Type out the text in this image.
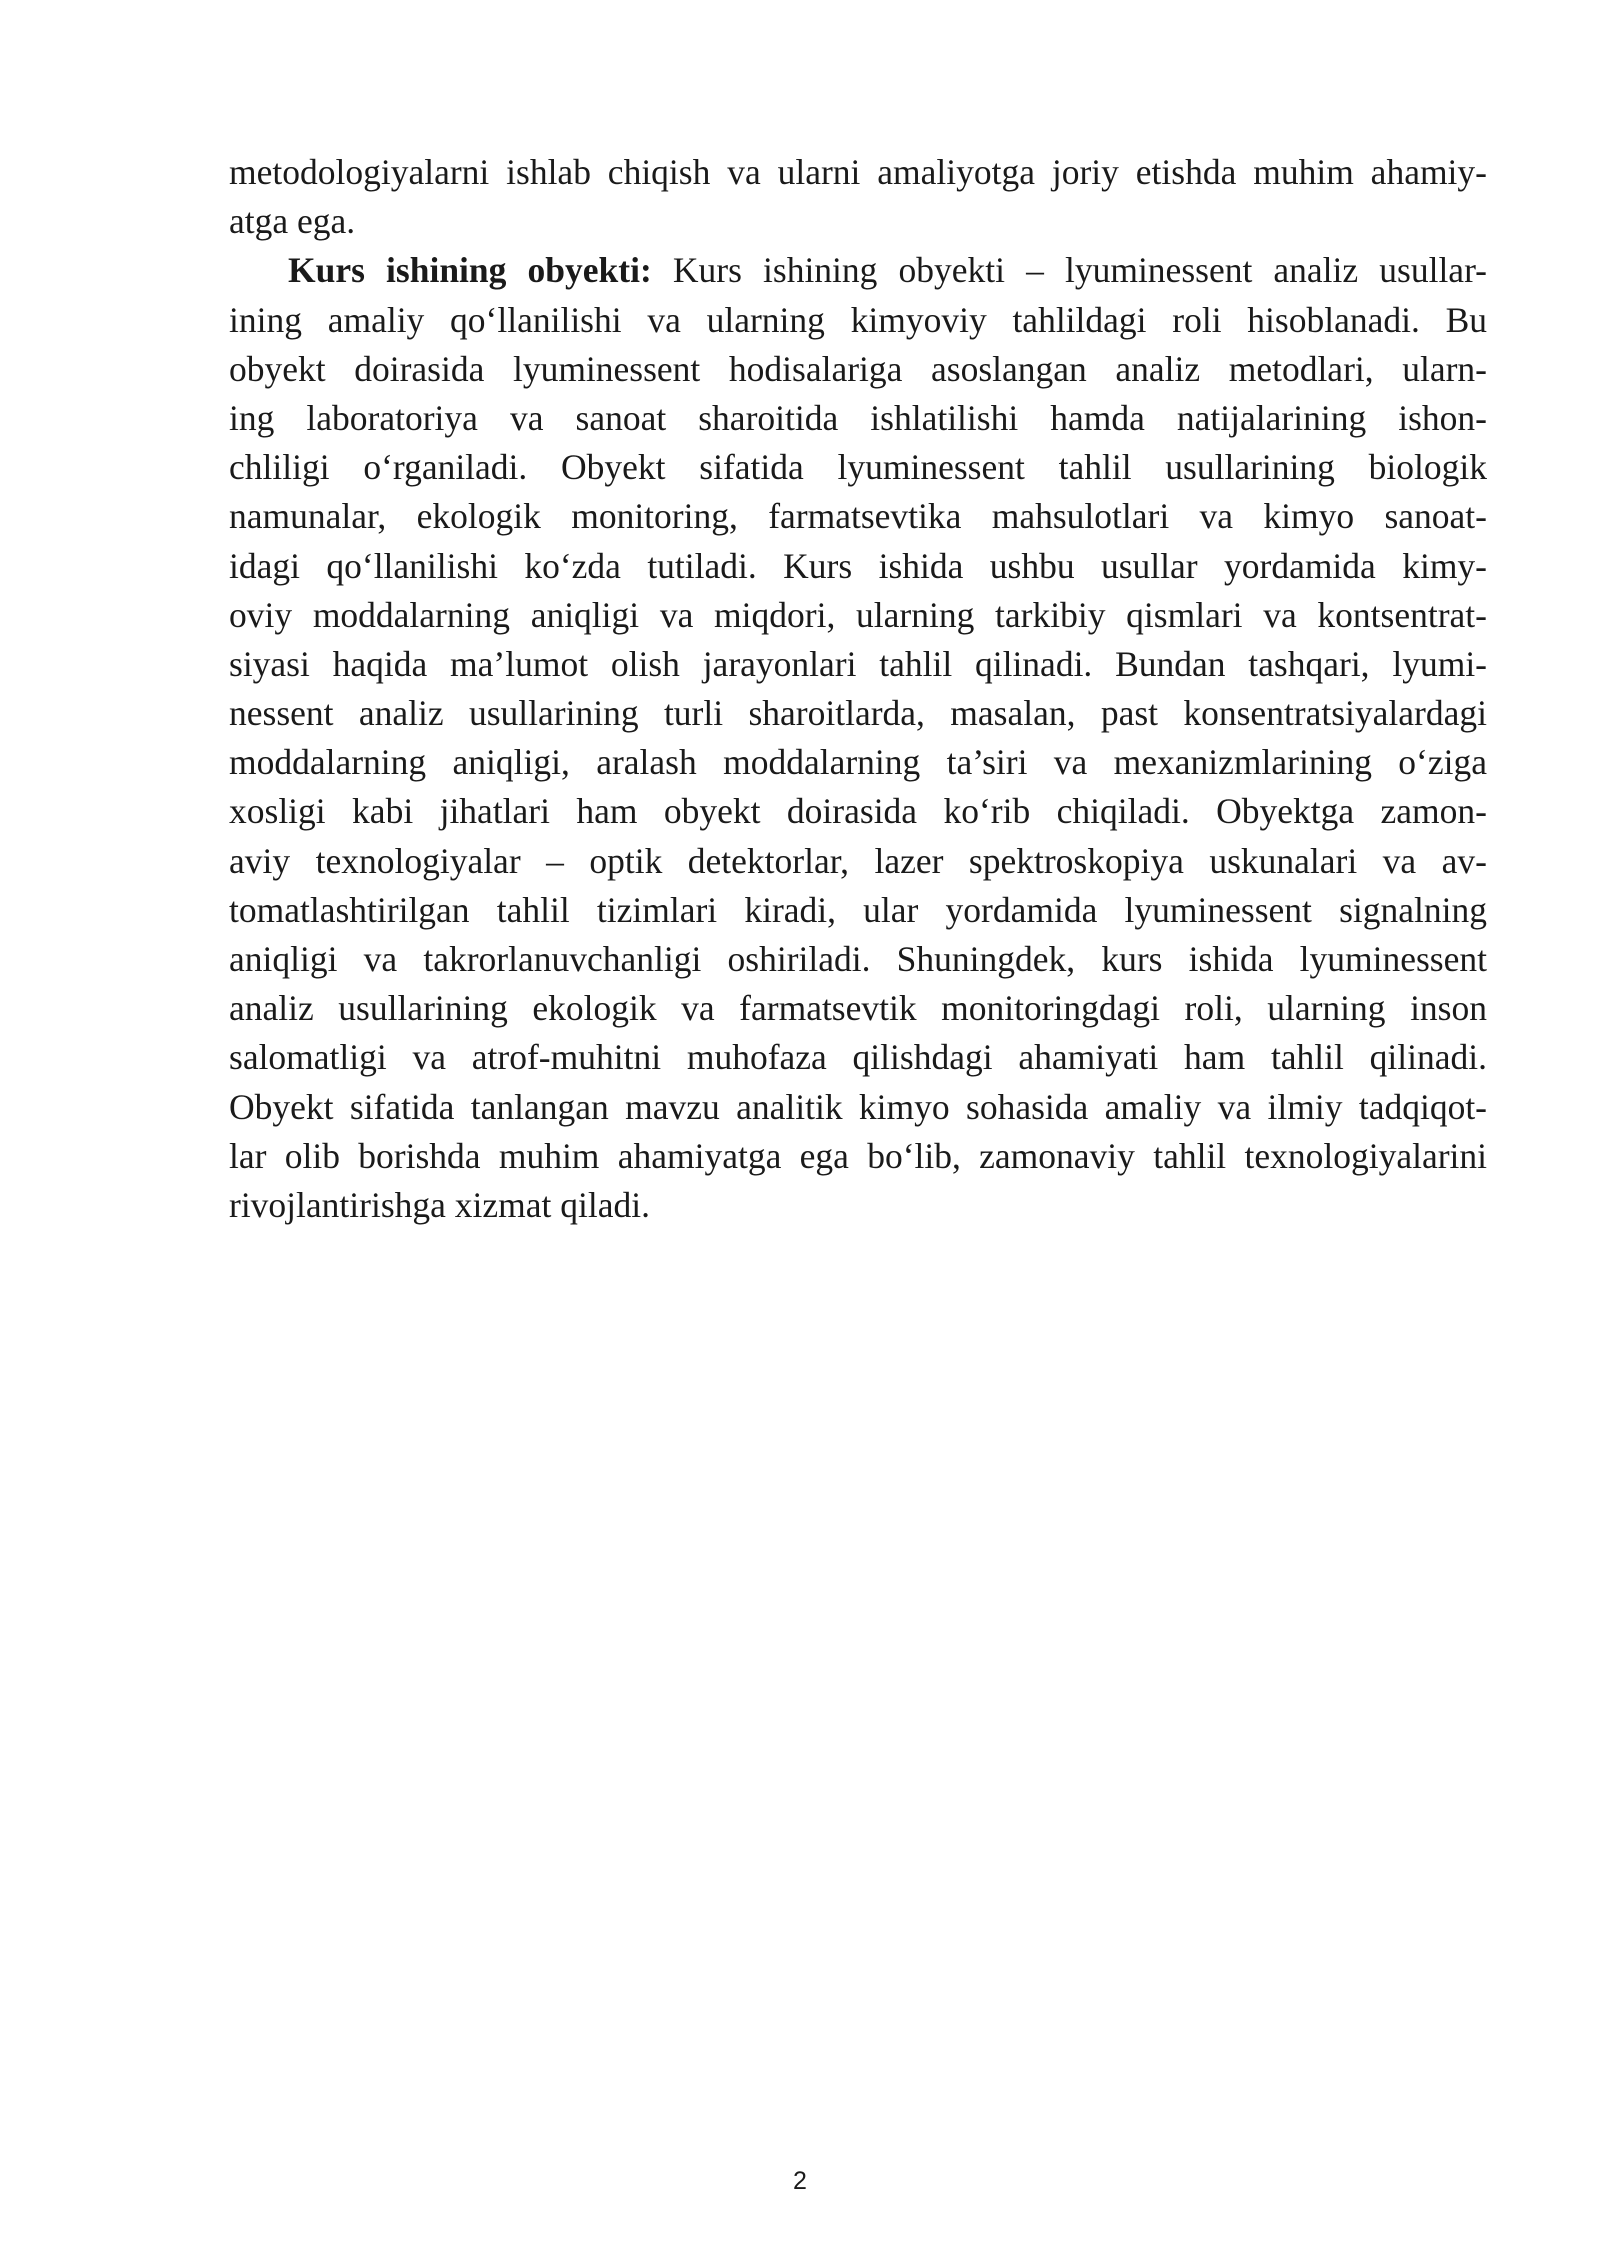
metodologiyalarni ishlab chiqish va ularni amaliyotga joriy etishda muhim ahamiy-
atga ega.
Kurs ishining obyekti: Kurs ishining obyekti – lyuminessent analiz usullar-
ining amaliy qo‘llanilishi va ularning kimyoviy tahlildagi roli hisoblanadi. Bu
obyekt doirasida lyuminessent hodisalariga asoslangan analiz metodlari, ularn-
ing laboratoriya va sanoat sharoitida ishlatilishi hamda natijalarining ishon-
chliligi o‘rganiladi. Obyekt sifatida lyuminessent tahlil usullarining biologik
namunalar, ekologik monitoring, farmatsevtika mahsulotlari va kimyo sanoat-
idagi qo‘llanilishi ko‘zda tutiladi. Kurs ishida ushbu usullar yordamida kimy-
oviy moddalarning aniqligi va miqdori, ularning tarkibiy qismlari va kontsentrat-
siyasi haqida ma’lumot olish jarayonlari tahlil qilinadi. Bundan tashqari, lyumi-
nessent analiz usullarining turli sharoitlarda, masalan, past konsentratsiyalardagi
moddalarning aniqligi, aralash moddalarning ta’siri va mexanizmlarining o‘ziga
xosligi kabi jihatlari ham obyekt doirasida ko‘rib chiqiladi. Obyektga zamon-
aviy texnologiyalar – optik detektorlar, lazer spektroskopiya uskunalari va av-
tomatlashtirilgan tahlil tizimlari kiradi, ular yordamida lyuminessent signalning
aniqligi va takrorlanuvchanligi oshiriladi. Shuningdek, kurs ishida lyuminessent
analiz usullarining ekologik va farmatsevtik monitoringdagi roli, ularning inson
salomatligi va atrof-muhitni muhofaza qilishdagi ahamiyati ham tahlil qilinadi.
Obyekt sifatida tanlangan mavzu analitik kimyo sohasida amaliy va ilmiy tadqiqot-
lar olib borishda muhim ahamiyatga ega bo‘lib, zamonaviy tahlil texnologiyalarini
rivojlantirishga xizmat qiladi.
2
